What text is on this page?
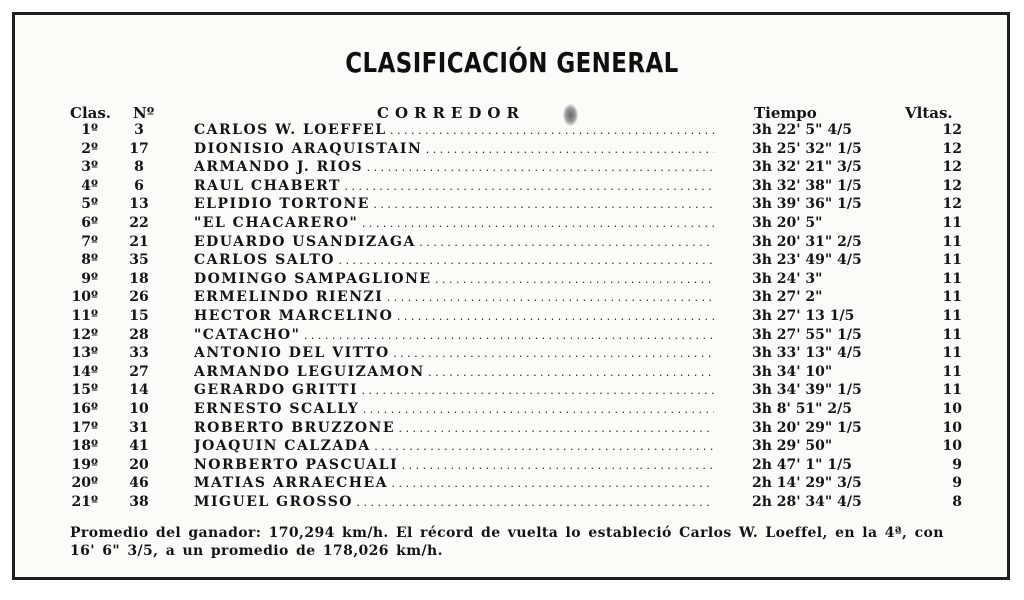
CLASIFICACIÓN GENERAL
Clas. Nº	CORREDOR	Tiempo	Vltas.
1º	3	CARLOS W. LOEFFEL . . .	3h 22' 5" 4/5	12
2º	17	DIONISIO ARAQUISTAIN . . .	3h 25' 32" 1/5	12
3º	8	ARMANDO J. RIOS . . .	3h 32' 21" 3/5	12
4º	6	RAUL CHABERT . . .	3h 32' 38" 1/5	12
5º	13	ELPIDIO TORTONE . . .	3h 39' 36" 1/5	12
6º	22	"EL CHACARERO" . . .	3h 20' 5"	11
7º	21	EDUARDO USANDIZAGA . . .	3h 20' 31" 2/5	11
8º	35	CARLOS SALTO . . .	3h 23' 49" 4/5	11
9º	18	DOMINGO SAMPAGLIONE . . .	3h 24' 3"	11
10º	26	ERMELINDO RIENZI . . .	3h 27' 2"	11
11º	15	HECTOR MARCELINO . . .	3h 27' 13 1/5	11
12º	28	"CATACHO" . . .	3h 27' 55" 1/5	11
13º	33	ANTONIO DEL VITTO . . .	3h 33' 13" 4/5	11
14º	27	ARMANDO LEGUIZAMON . . .	3h 34' 10"	11
15º	14	GERARDO GRITTI . . .	3h 34' 39" 1/5	11
16º	10	ERNESTO SCALLY . . .	3h 8' 51" 2/5	10
17º	31	ROBERTO BRUZZONE . . .	3h 20' 29" 1/5	10
18º	41	JOAQUIN CALZADA . . .	3h 29' 50"	10
19º	20	NORBERTO PASCUALI . . .	2h 47' 1" 1/5	9
20º	46	MATIAS ARRAECHEA . . .	2h 14' 29" 3/5	9
21º	38	MIGUEL GROSSO . . .	2h 28' 34" 4/5	8
Promedio del ganador: 170,294 km/h. El récord de vuelta lo estableció Carlos W. Loeffel, en la 4ª, con 16' 6" 3/5, a un promedio de 178,026 km/h.
